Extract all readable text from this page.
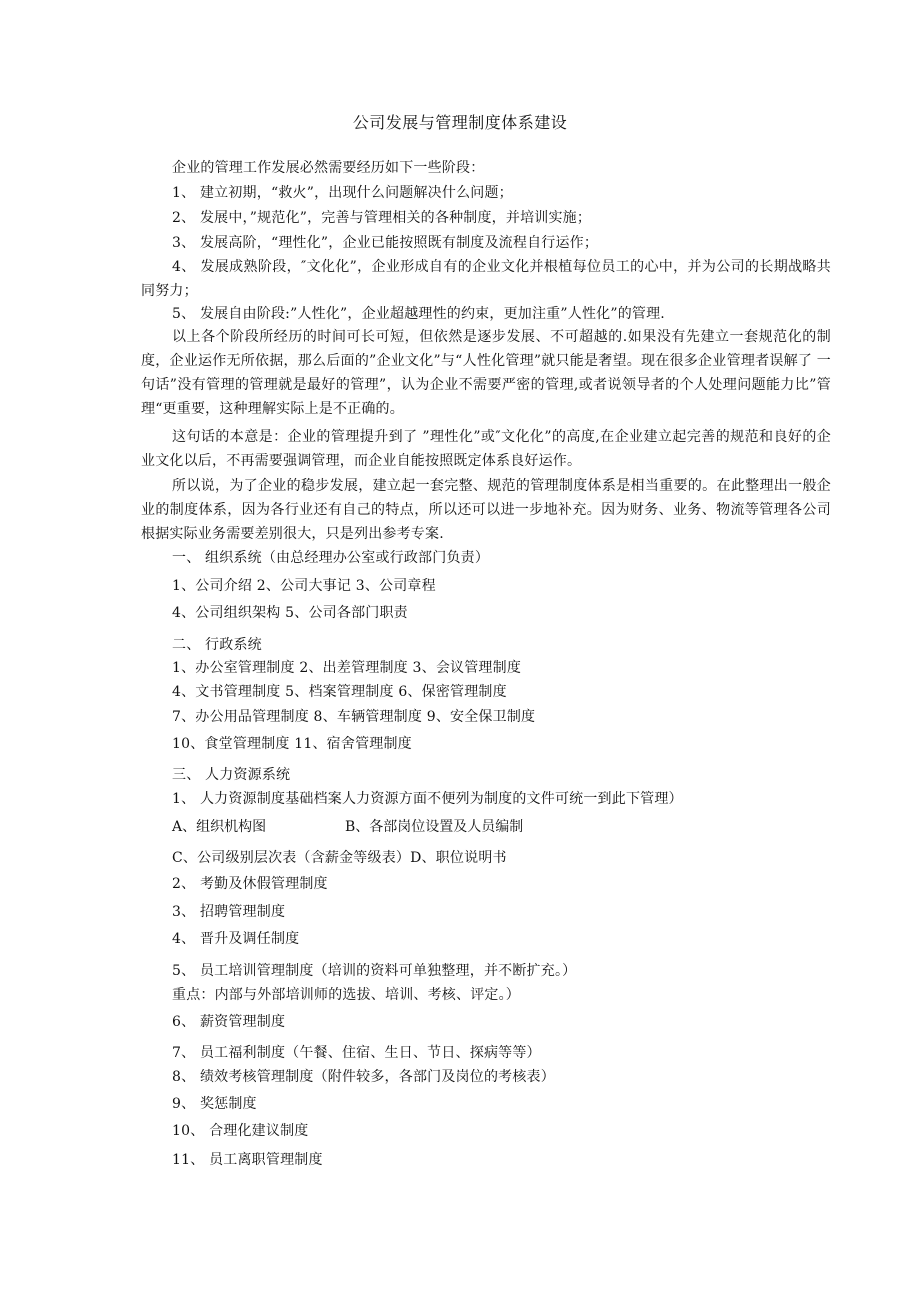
公司发展与管理制度体系建设
企业的管理工作发展必然需要经历如下一些阶段：
1、 建立初期，“救火”，出现什么问题解决什么问题；
2、 发展中，”规范化”，完善与管理相关的各种制度，并培训实施；
3、 发展高阶，“理性化”，企业已能按照既有制度及流程自行运作；
4、 发展成熟阶段，″文化化”，企业形成自有的企业文化并根植每位员工的心中，并为公司的长期战略共同努力；
5、 发展自由阶段:”人性化”，企业超越理性的约束，更加注重”人性化”的管理.
以上各个阶段所经历的时间可长可短，但依然是逐步发展、不可超越的.如果没有先建立一套规范化的制度，企业运作无所依据，那么后面的”企业文化”与“人性化管理”就只能是奢望。现在很多企业管理者误解了 一句话”没有管理的管理就是最好的管理”，认为企业不需要严密的管理,或者说领导者的个人处理问题能力比”管理“更重要，这种理解实际上是不正确的。
这句话的本意是：企业的管理提升到了 ”理性化”或″文化化”的高度,在企业建立起完善的规范和良好的企业文化以后，不再需要强调管理，而企业自能按照既定体系良好运作。
所以说，为了企业的稳步发展，建立起一套完整、规范的管理制度体系是相当重要的。在此整理出一般企业的制度体系，因为各行业还有自己的特点，所以还可以进一步地补充。因为财务、业务、物流等管理各公司根据实际业务需要差别很大，只是列出参考专案.
一、 组织系统（由总经理办公室或行政部门负责）
1、公司介绍 2、公司大事记 3、公司章程
4、公司组织架构 5、公司各部门职责
二、 行政系统
1、办公室管理制度 2、出差管理制度 3、会议管理制度
4、文书管理制度 5、档案管理制度 6、保密管理制度
7、办公用品管理制度 8、车辆管理制度 9、安全保卫制度
10、食堂管理制度 11、宿舍管理制度
三、 人力资源系统
1、 人力资源制度基础档案人力资源方面不便列为制度的文件可统一到此下管理）
A、组织机构图	B、各部岗位设置及人员编制
C、公司级别层次表（含薪金等级表）D、职位说明书
2、 考勤及休假管理制度
3、 招聘管理制度
4、 晋升及调任制度
5、 员工培训管理制度（培训的资料可单独整理，并不断扩充。）
重点：内部与外部培训师的选拔、培训、考核、评定。）
6、 薪资管理制度
7、 员工福利制度（午餐、住宿、生日、节日、探病等等）
8、 绩效考核管理制度（附件较多，各部门及岗位的考核表）
9、 奖惩制度
10、 合理化建议制度
11、 员工离职管理制度
